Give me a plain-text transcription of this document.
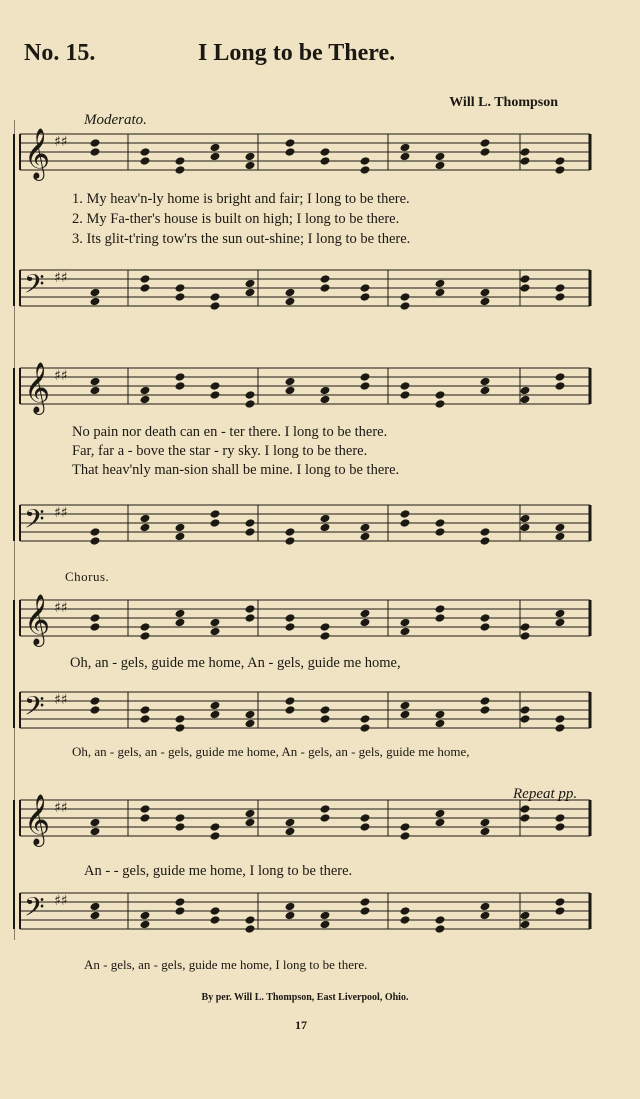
No. 15.	I Long to be There.
Will L. Thompson
Moderato.
𝄞 ♯♯
𝄢 ♯♯
𝄞 ♯♯
𝄢 ♯♯
𝄞 ♯♯
𝄢 ♯♯
𝄞 ♯♯
𝄢 ♯♯
1. My heav'n-ly home is bright and fair; I long to be there.
2. My Fa-ther's house is built on high; I long to be there.
3. Its glit-t'ring tow'rs the sun out-shine; I long to be there.
No pain nor death can en - ter there. I long to be there.
Far, far a - bove the star - ry sky. I long to be there.
That heav'nly man-sion shall be mine. I long to be there.
Chorus.
Oh, an - gels, guide me home, An - gels, guide me home,
Oh, an - gels, an - gels, guide me home, An - gels, an - gels, guide me home,
Repeat pp.
An - - gels, guide me home, I long to be there.
An - gels, an - gels, guide me home, I long to be there.
By per. Will L. Thompson, East Liverpool, Ohio.
17
